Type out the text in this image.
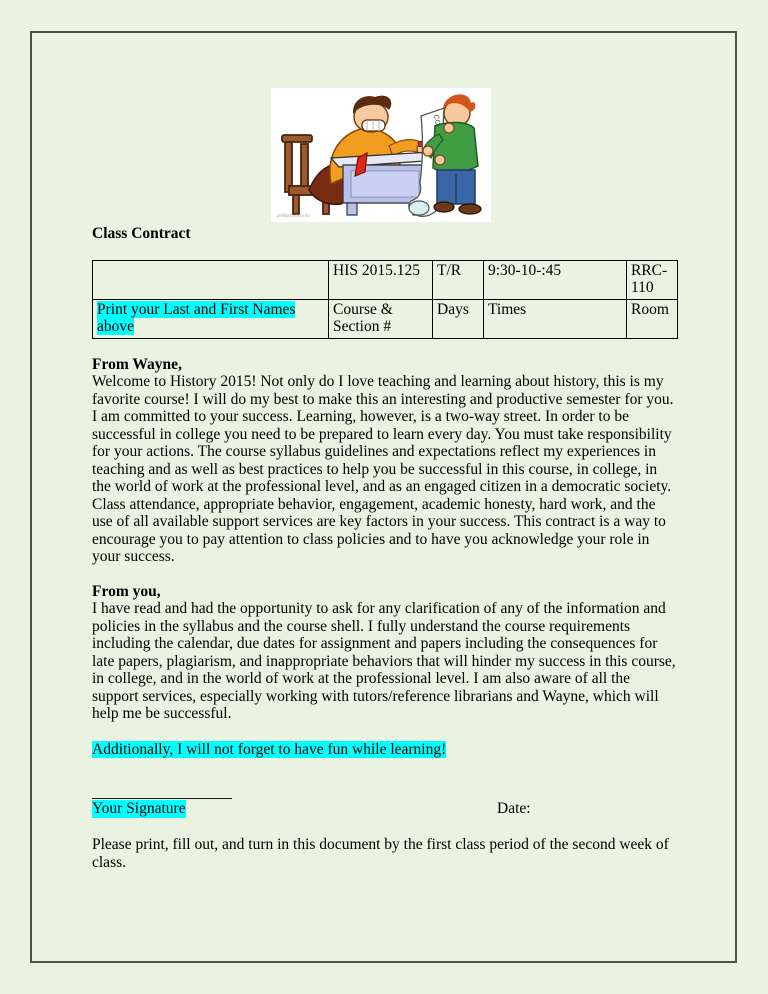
phillipmartin.info
Class Contract
	HIS 2015.125	T/R	9:30-10-:45	RRC-110
Print your Last and First Names above	Course & Section #	Days	Times	Room
From Wayne,

Welcome to History 2015! Not only do I love teaching and learning about history, this is my favorite course! I will do my best to make this an interesting and productive semester for you. I am committed to your success. Learning, however, is a two-way street. In order to be successful in college you need to be prepared to learn every day. You must take responsibility for your actions. The course syllabus guidelines and expectations reflect my experiences in teaching and as well as best practices to help you be successful in this course, in college, in the world of work at the professional level, and as an engaged citizen in a democratic society. Class attendance, appropriate behavior, engagement, academic honesty, hard work, and the use of all available support services are key factors in your success. This contract is a way to encourage you to pay attention to class policies and to have you acknowledge your role in your success.

From you,

I have read and had the opportunity to ask for any clarification of any of the information and policies in the syllabus and the course shell. I fully understand the course requirements including the calendar, due dates for assignment and papers including the consequences for late papers, plagiarism, and inappropriate behaviors that will hinder my success in this course, in college, and in the world of work at the professional level. I am also aware of all the support services, especially working with tutors/reference librarians and Wayne, which will help me be successful.

Additionally, I will not forget to have fun while learning!
Your Signature	Date:

Please print, fill out, and turn in this document by the first class period of the second week of class.
